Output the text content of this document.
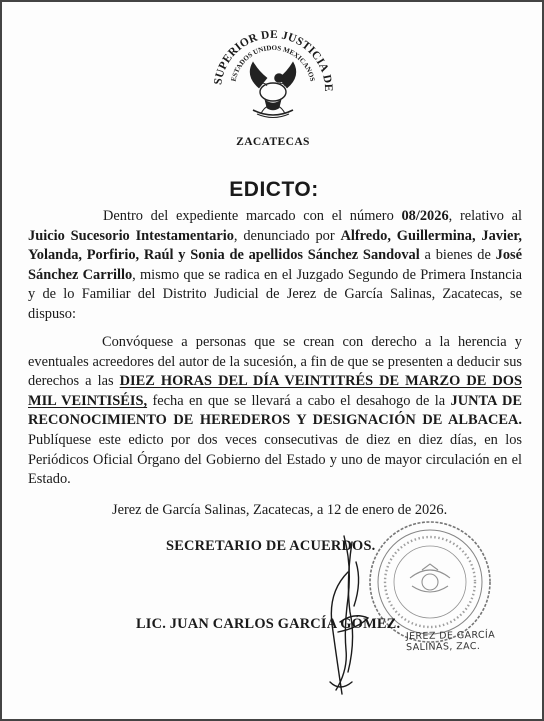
SUPERIOR DE JUSTICIA DE
ESTADOS UNIDOS MEXICANOS
ZACATECAS
EDICTO:
Dentro del expediente marcado con el número 08/2026, relativo al Juicio Sucesorio Intestamentario, denunciado por Alfredo, Guillermina, Javier, Yolanda, Porfirio, Raúl y Sonia de apellidos Sánchez Sandoval a bienes de José Sánchez Carrillo, mismo que se radica en el Juzgado Segundo de Primera Instancia y de lo Familiar del Distrito Judicial de Jerez de García Salinas, Zacatecas, se dispuso:
Convóquese a personas que se crean con derecho a la herencia y eventuales acreedores del autor de la sucesión, a fin de que se presenten a deducir sus derechos a las DIEZ HORAS DEL DÍA VEINTITRÉS DE MARZO DE DOS MIL VEINTISÉIS, fecha en que se llevará a cabo el desahogo de la JUNTA DE RECONOCIMIENTO DE HEREDEROS Y DESIGNACIÓN DE ALBACEA. Publíquese este edicto por dos veces consecutivas de diez en diez días, en los Periódicos Oficial Órgano del Gobierno del Estado y uno de mayor circulación en el Estado.
Jerez de García Salinas, Zacatecas, a 12 de enero de 2026.
JEREZ DE GARCÍA SALINAS, ZAC.
SECRETARIO DE ACUERDOS.
LIC. JUAN CARLOS GARCÍA GÓMEZ.
